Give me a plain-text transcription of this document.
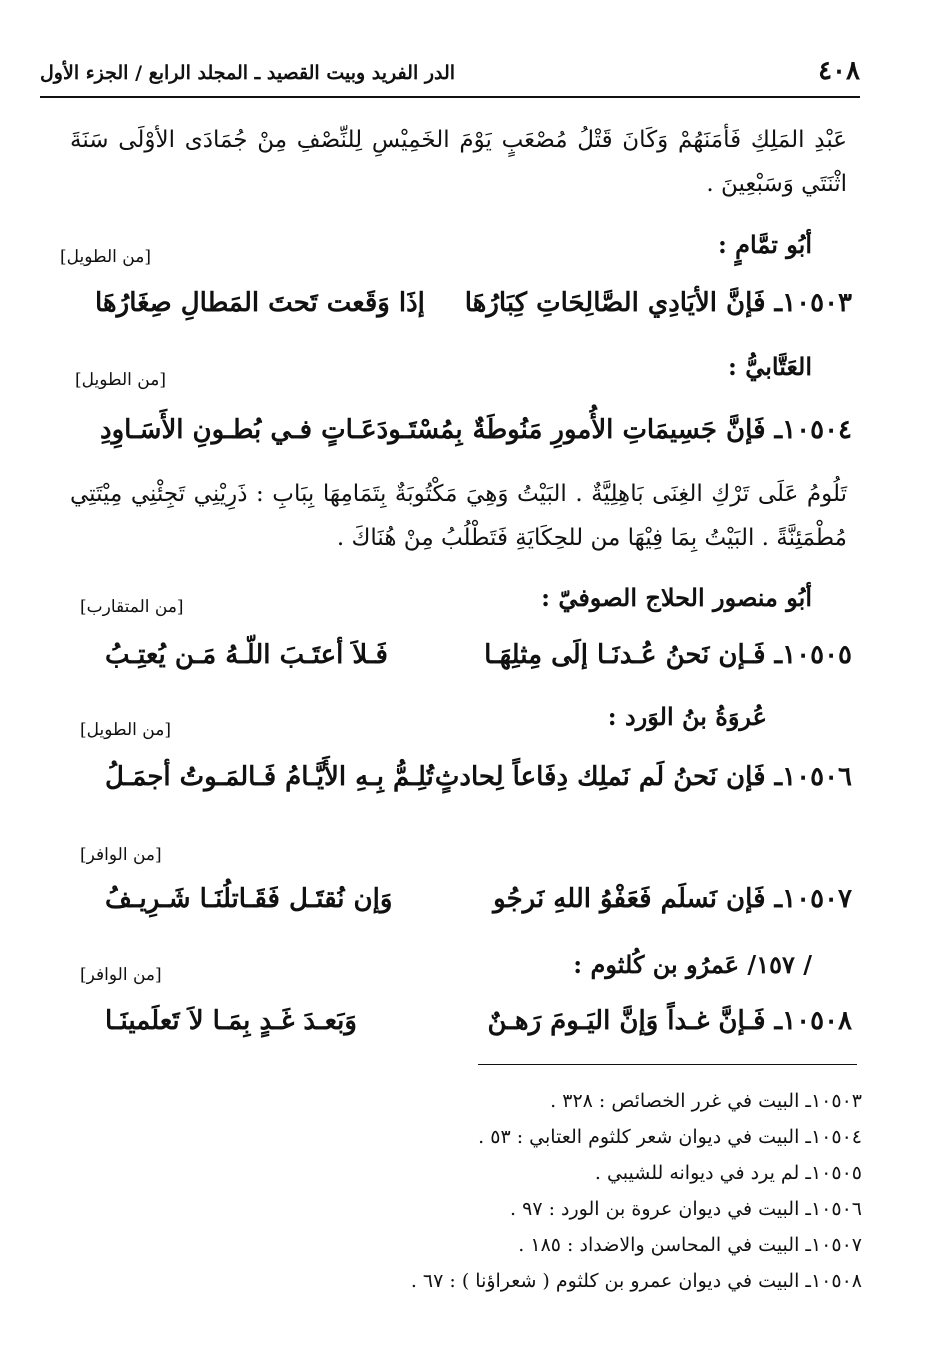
٤٠٨
الدر الفريد وبيت القصيد ـ المجلد الرابع / الجزء الأول
عَبْدِ المَلِكِ فَأمَنَهُمْ وَكَانَ قَتْلُ مُصْعَبٍ يَوْمَ الخَمِيْسِ لِلنِّصْفِ مِنْ جُمَادَى الأوْلَى سَنَةَ اثْنَتَي وَسَبْعِينَ .
أبُو تمَّامٍ :
[من الطويل]
١٠٥٠٣ـ فَإنَّ الأيَادِي الصَّالِحَاتِ كِبَارُهَا
إذَا وَقَعت تَحتَ المَطالِ صِغَارُهَا
العَتَّابيُّ :
[من الطويل]
١٠٥٠٤ـ فَإنَّ جَسِيمَاتِ الأُمورِ مَنُوطَةٌ
بِمُسْتَـودَعَـاتٍ فـي بُطـونِ الأَسَـاوِدِ
تَلُومُ عَلَى تَرْكِ الغِنَى بَاهِلِيَّةٌ . البَيْتُ وَهِيَ مَكْتُوبَةٌ بِتَمَامِهَا بِبَابِ : ذَرِيْنِي تَجِئْنِي مِيْتَتِي مُطْمَئِنَّةً . البَيْتُ بِمَا فِيْهَا من للحِكَايَةِ فَتَطْلُبُ مِنْ هُنَاكَ .
أبُو منصور الحلاج الصوفيّ :
[من المتقارب]
١٠٥٠٥ـ فَـإن نَحنُ عُـدنَـا إلَى مِثلِهَـا
فَـلاَ أعتَـبَ اللّـهُ مَـن يُعتِـبُ
عُروَةُ بنُ الوَرد :
[من الطويل]
١٠٥٠٦ـ فَإن نَحنُ لَم نَملِك دِفَاعاً لِحادثٍ
تُلِـمُّ بِـهِ الأَيَّـامُ فَـالمَـوتُ أجمَـلُ
[من الوافر]
١٠٥٠٧ـ فَإن نَسلَم فَعَفْوُ اللهِ نَرجُو
وَإن نُقتَـل فَقَـاتلُنَـا شَـرِيـفُ
/ ١٥٧/ عَمرُو بن كُلثوم :
[من الوافر]
١٠٥٠٨ـ فَـإنَّ غـداً وَإنَّ اليَـومَ رَهـنٌ
وَبَعـدَ غَـدٍ بِمَـا لاَ تَعلَمينَـا
١٠٥٠٣ـ البيت في غرر الخصائص : ٣٢٨ .
١٠٥٠٤ـ البيت في ديوان شعر كلثوم العتابي : ٥٣ .
١٠٥٠٥ـ لم يرد في ديوانه للشيبي .
١٠٥٠٦ـ البيت في ديوان عروة بن الورد : ٩٧ .
١٠٥٠٧ـ البيت في المحاسن والاضداد : ١٨٥ .
١٠٥٠٨ـ البيت في ديوان عمرو بن كلثوم ( شعراؤنا ) : ٦٧ .
